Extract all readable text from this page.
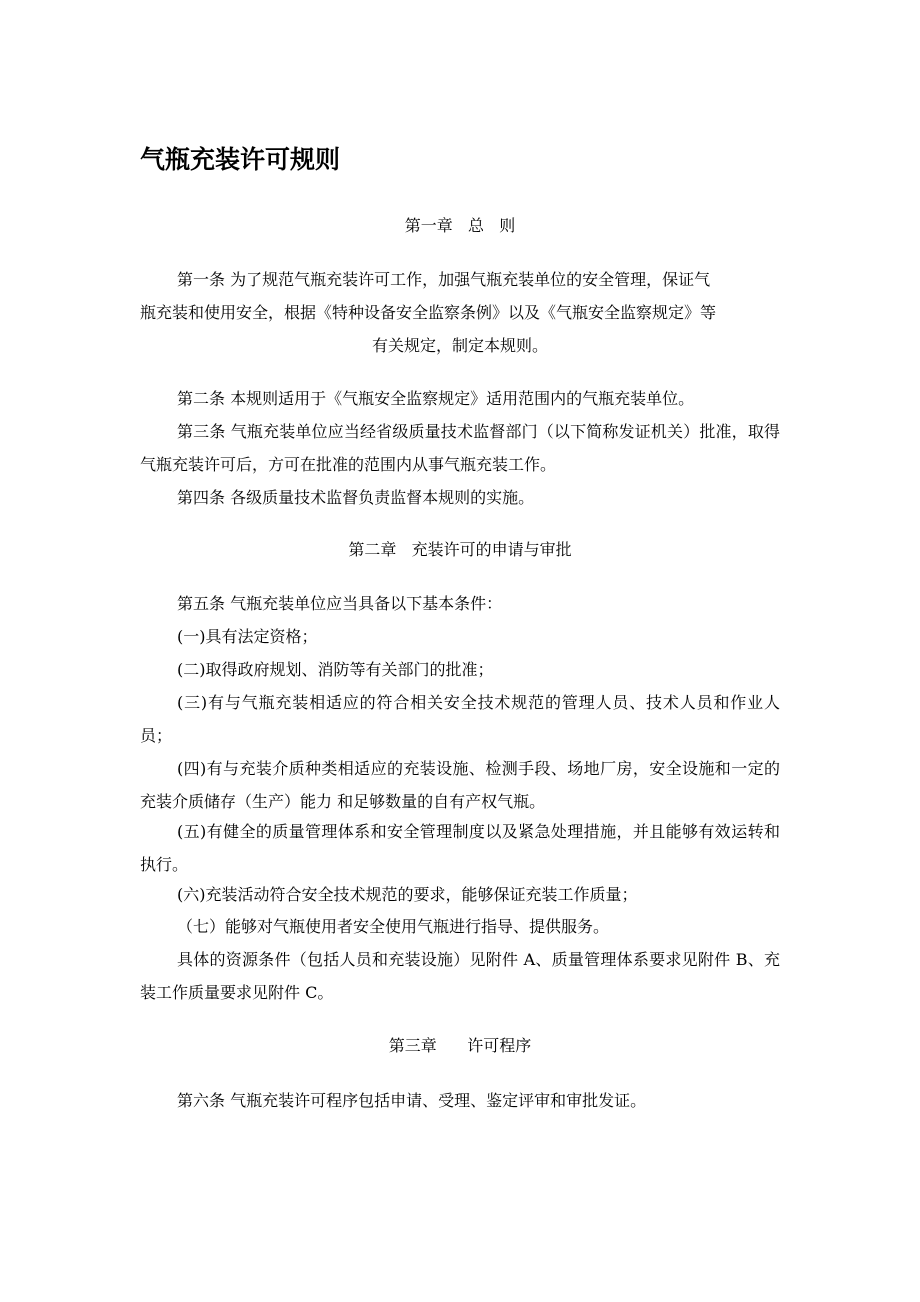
气瓶充装许可规则

第一章   总   则

第一条 为了规范气瓶充装许可工作，加强气瓶充装单位的安全管理，保证气
瓶充装和使用安全，根据《特种设备安全监察条例》以及《气瓶安全监察规定》等
有关规定，制定本规则。

第二条 本规则适用于《气瓶安全监察规定》适用范围内的气瓶充装单位。

第三条 气瓶充装单位应当经省级质量技术监督部门（以下简称发证机关）批准，取得气瓶充装许可后，方可在批准的范围内从事气瓶充装工作。

第四条 各级质量技术监督负责监督本规则的实施。

第二章   充装许可的申请与审批

第五条 气瓶充装单位应当具备以下基本条件：

(一)具有法定资格；

(二)取得政府规划、消防等有关部门的批准；

(三)有与气瓶充装相适应的符合相关安全技术规范的管理人员、技术人员和作业人员；

(四)有与充装介质种类相适应的充装设施、检测手段、场地厂房，安全设施和一定的充装介质储存（生产）能力 和足够数量的自有产权气瓶。

(五)有健全的质量管理体系和安全管理制度以及紧急处理措施，并且能够有效运转和执行。

(六)充装活动符合安全技术规范的要求，能够保证充装工作质量；

（七）能够对气瓶使用者安全使用气瓶进行指导、提供服务。

具体的资源条件（包括人员和充装设施）见附件 A、质量管理体系要求见附件 B、充装工作质量要求见附件 C。

第三章      许可程序

第六条 气瓶充装许可程序包括申请、受理、鉴定评审和审批发证。
